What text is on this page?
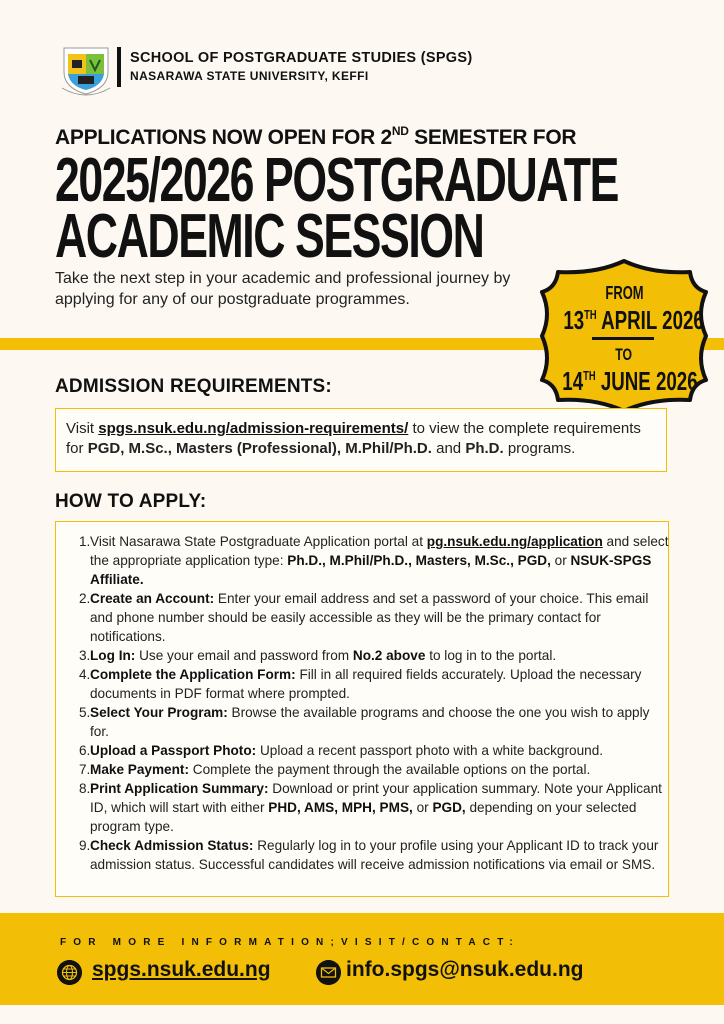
SCHOOL OF POSTGRADUATE STUDIES (SPGS)
NASARAWA STATE UNIVERSITY, KEFFI
APPLICATIONS NOW OPEN FOR 2ND SEMESTER FOR
2025/2026 POSTGRADUATE
ACADEMIC SESSION
Take the next step in your academic and professional journey by applying for any of our postgraduate programmes.	FROM
13TH APRIL 2026
TO
14TH JUNE 2026
ADMISSION REQUIREMENTS:
Visit spgs.nsuk.edu.ng/admission-requirements/ to view the complete requirements for PGD, M.Sc., Masters (Professional), M.Phil/Ph.D. and Ph.D. programs.
HOW TO APPLY:
1. Visit Nasarawa State Postgraduate Application portal at pg.nsuk.edu.ng/application and select the appropriate application type: Ph.D., M.Phil/Ph.D., Masters, M.Sc., PGD, or NSUK-SPGS Affiliate.
2. Create an Account: Enter your email address and set a password of your choice. This email and phone number should be easily accessible as they will be the primary contact for notifications.
3. Log In: Use your email and password from No.2 above to log in to the portal.
4. Complete the Application Form: Fill in all required fields accurately. Upload the necessary documents in PDF format where prompted.
5. Select Your Program: Browse the available programs and choose the one you wish to apply for.
6. Upload a Passport Photo: Upload a recent passport photo with a white background.
7. Make Payment: Complete the payment through the available options on the portal.
8. Print Application Summary: Download or print your application summary. Note your Applicant ID, which will start with either PHD, AMS, MPH, PMS, or PGD, depending on your selected program type.
9. Check Admission Status: Regularly log in to your profile using your Applicant ID to track your admission status. Successful candidates will receive admission notifications via email or SMS.
FOR MORE INFORMATION;VISIT/CONTACT:
spgs.nsuk.edu.ng	info.spgs@nsuk.edu.ng
